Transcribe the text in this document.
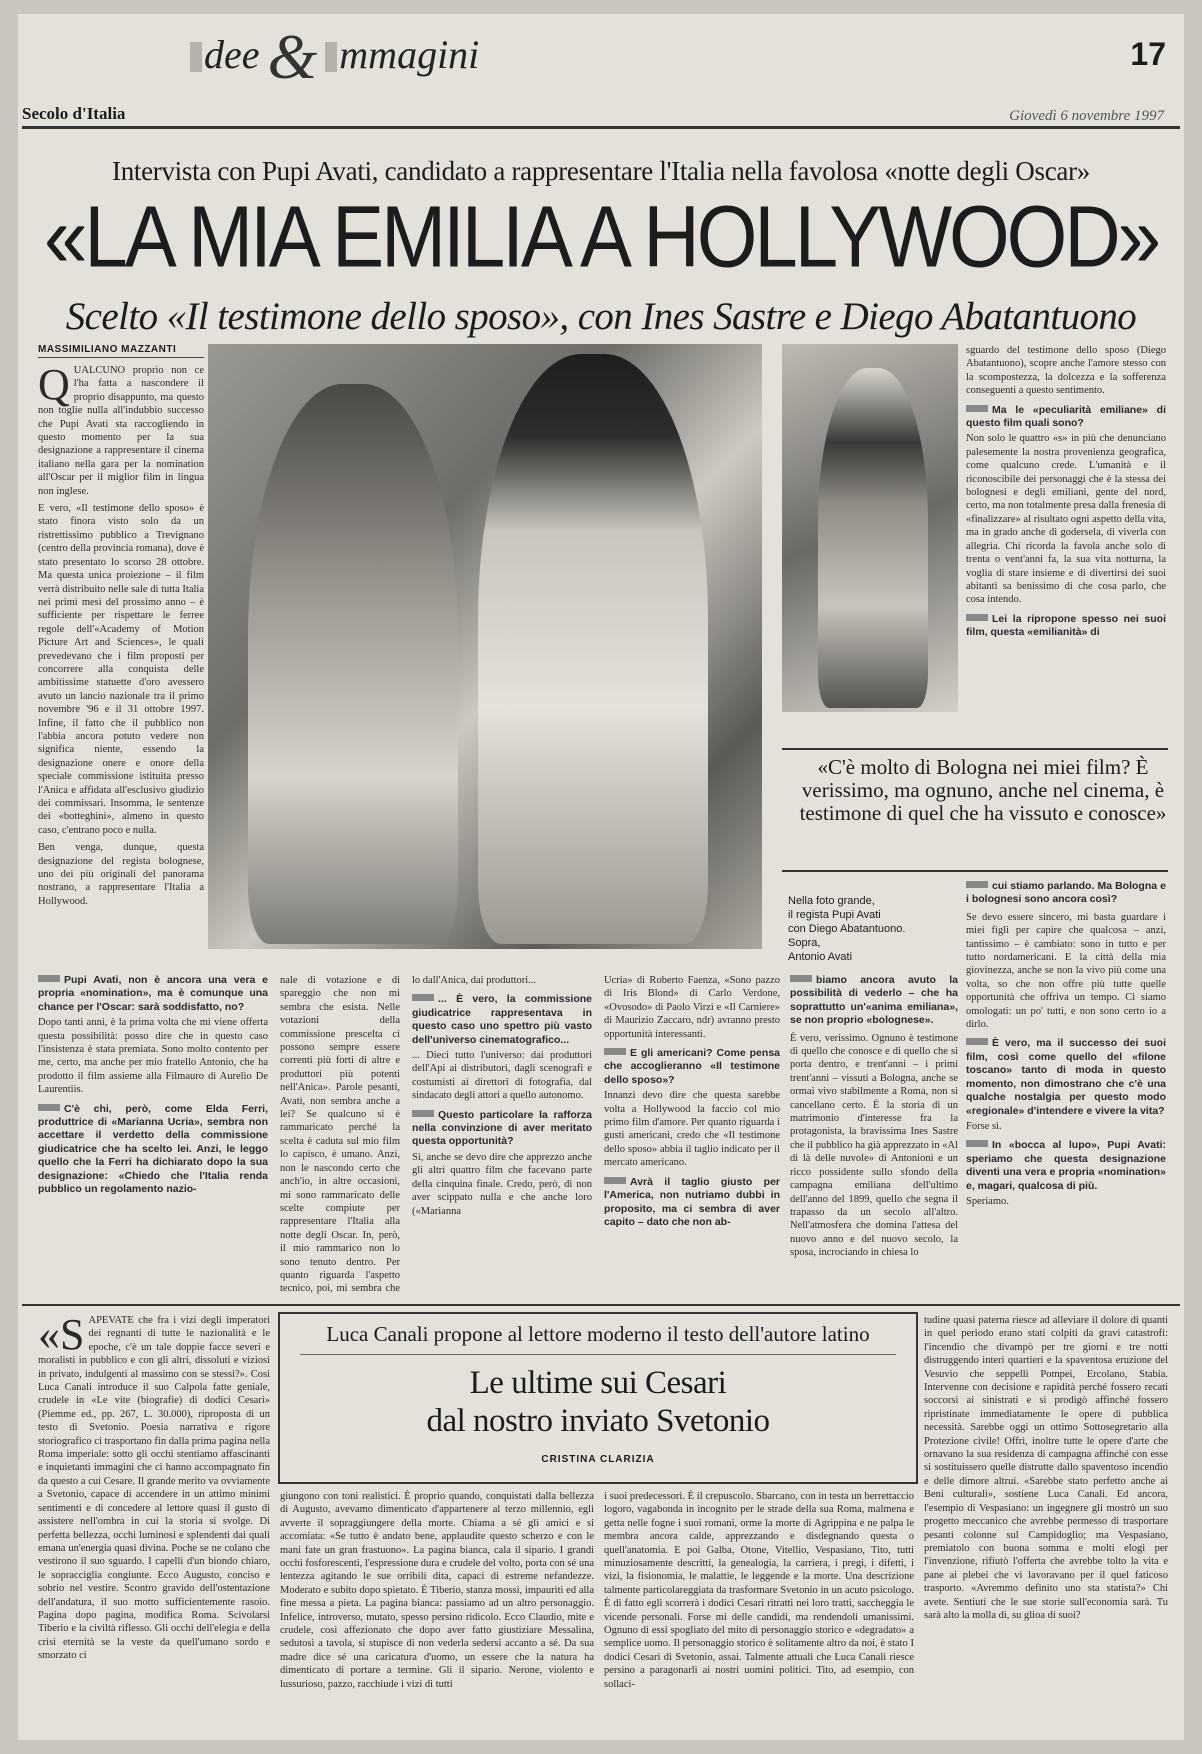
dee & mmagini	17
Secolo d'Italia	Giovedì 6 novembre 1997
Intervista con Pupi Avati, candidato a rappresentare l'Italia nella favolosa «notte degli Oscar»
«LA MIA EMILIA A HOLLYWOOD»
Scelto «Il testimone dello sposo», con Ines Sastre e Diego Abatantuono
MASSIMILIANO MAZZANTI
Q UALCUNO proprio non ce l'ha fatta a nascondere il proprio disappunto, ma questo non toglie nulla all'indubbio successo che Pupi Avati sta raccogliendo in questo momento per la sua designazione a rappresentare il cinema italiano nella gara per la nomination all'Oscar per il miglior film in lingua non inglese.

E vero, «Il testimone dello sposo» è stato finora visto solo da un ristrettissimo pubblico a Trevignano (centro della provincia romana), dove è stato presentato lo scorso 28 ottobre. Ma questa unica proiezione – il film verrà distribuito nelle sale di tutta Italia nei primi mesi del prossimo anno – è sufficiente per rispettare le ferree regole dell'«Academy of Motion Picture Art and Sciences», le quali prevedevano che i film proposti per concorrere alla conquista delle ambitissime statuette d'oro avessero avuto un lancio nazionale tra il primo novembre '96 e il 31 ottobre 1997. Infine, il fatto che il pubblico non l'abbia ancora potuto vedere non significa niente, essendo la designazione onere e onore della speciale commissione istituita presso l'Anica e affidata all'esclusivo giudizio dei commissari. Insomma, le sentenze dei «botteghini», almeno in questo caso, c'entrano poco e nulla.

Ben venga, dunque, questa designazione del regista bolognese, uno dei più originali del panorama nostrano, a rappresentare l'Italia a Hollywood.

sguardo del testimone dello sposo (Diego Abatantuono), scopre anche l'amore stesso con la scompostezza, la dolcezza e la sofferenza conseguenti a questo sentimento.

Ma le «peculiarità emiliane» di questo film quali sono?

Non solo le quattro «s» in più che denunciano palesemente la nostra provenienza geografica, come qualcuno crede. L'umanità e il riconoscibile dei personaggi che è la stessa dei bolognesi e degli emiliani, gente del nord, certo, ma non totalmente presa dalla frenesia di «finalizzare» al risultato ogni aspetto della vita, ma in grado anche di godersela, di viverla con allegria. Chi ricorda la favola anche solo di trenta o vent'anni fa, la sua vita notturna, la voglia di stare insieme e di divertirsi dei suoi abitanti sa benissimo di che cosa parlo, che cosa intendo.

Lei la ripropone spesso nei suoi film, questa «emilianità» di
«C'è molto di Bologna nei miei film? È verissimo, ma ognuno, anche nel cinema, è testimone di quel che ha vissuto e conosce»
Nella foto grande,
il regista Pupi Avati
con Diego Abatantuono.
Sopra,
Antonio Avati

cui stiamo parlando. Ma Bologna e i bolognesi sono ancora così?

Se devo essere sincero, mi basta guardare i miei figli per capire che qualcosa – anzi, tantissimo – è cambiato: sono in tutto e per tutto nordamericani. E la città della mia giovinezza, anche se non la vivo più come una volta, so che non offre più tutte quelle opportunità che offriva un tempo. Ci siamo omologati: un po' tutti, e non sono certo io a dirlo.

È vero, ma il successo dei suoi film, così come quello del «filone toscano» tanto di moda in questo momento, non dimostrano che c'è una qualche nostalgia per questo modo «regionale» d'intendere e vivere la vita?

Forse sì.

In «bocca al lupo», Pupi Avati: speriamo che questa designazione diventi una vera e propria «nomination» e, magari, qualcosa di più.

Speriamo.

Pupi Avati, non è ancora una vera e propria «nomination», ma è comunque una chance per l'Oscar: sarà soddisfatto, no?

Dopo tanti anni, è la prima volta che mi viene offerta questa possibilità: posso dire che in questo caso l'insistenza è stata premiata. Sono molto contento per me, certo, ma anche per mio fratello Antonio, che ha prodotto il film assieme alla Filmauro di Aurelio De Laurentiis.

C'è chi, però, come Elda Ferri, produttrice di «Marianna Ucria», sembra non accettare il verdetto della commissione giudicatrice che ha scelto lei. Anzi, le leggo quello che la Ferri ha dichiarato dopo la sua designazione: «Chiedo che l'Italia renda pubblico un regolamento nazio-

nale di votazione e di spareggio che non mi sembra che esista. Nelle votazioni della commissione prescelta ci possono sempre essere correnti più forti di altre e produttori più potenti nell'Anica». Parole pesanti, Avati, non sembra anche a lei? Se qualcuno si è rammaricato perché la scelta è caduta sul mio film lo capisco, è umano. Anzi, non le nascondo certo che anch'io, in altre occasioni, mi sono rammaricato delle scelte compiute per rappresentare l'Italia alla notte degli Oscar. In, però, il mio rammarico non lo sono tenuto dentro. Per quanto riguarda l'aspetto tecnico, poi, mi sembra che

lo dall'Anica, dai produttori...

... È vero, la commissione giudicatrice rappresentava in questo caso uno spettro più vasto dell'universo cinematografico...

... Dieci tutto l'universo: dai produttori dell'Api ai distributori, dagli scenografi e costumisti ai direttori di fotografia, dal sindacato degli attori a quello autonomo.

Questo particolare la rafforza nella convinzione di aver meritato questa opportunità?

Sì, anche se devo dire che apprezzo anche gli altri quattro film che facevano parte della cinquina finale. Credo, però, di non aver scippato nulla e che anche loro («Marianna

Ucria» di Roberto Faenza, «Sono pazzo di Iris Blond» di Carlo Verdone, «Ovosodo» di Paolo Virzì e «Il Carniere» di Maurizio Zaccaro, ndr) avranno presto opportunità interessanti.

E gli americani? Come pensa che accoglieranno «Il testimone dello sposo»?

Innanzi devo dire che questa sarebbe volta a Hollywood la faccio col mio primo film d'amore. Per quanto riguarda i gusti americani, credo che «Il testimone dello sposo» abbia il taglio indicato per il mercato americano.

Avrà il taglio giusto per l'America, non nutriamo dubbi in proposito, ma ci sembra di aver capito – dato che non ab-

biamo ancora avuto la possibilità di vederlo – che ha soprattutto un'«anima emiliana», se non proprio «bolognese».

È vero, verissimo. Ognuno è testimone di quello che conosce e di quello che si porta dentro, e trent'anni – i primi trent'anni – vissuti a Bologna, anche se ormai vivo stabilmente a Roma, non si cancellano certo. È la storia di un matrimonio d'interesse fra la protagonista, la bravissima Ines Sastre che il pubblico ha già apprezzato in «Al di là delle nuvole» di Antonioni e un ricco possidente sullo sfondo della campagna emiliana dell'ultimo dell'anno del 1899, quello che segna il trapasso da un secolo all'altro. Nell'atmosfera che domina l'attesa del nuovo anno e del nuovo secolo, la sposa, incrociando in chiesa lo

Luca Canali propone al lettore moderno il testo dell'autore latino
Le ultime sui Cesari
dal nostro inviato Svetonio
CRISTINA CLARIZIA
«S APEVATE che fra i vizi degli imperatori dei regnanti di tutte le nazionalità e le epoche, c'è un tale doppie facce severi e moralisti in pubblico e con gli altri, dissoluti e viziosi in privato, indulgenti al massimo con se stessi?». Così Luca Canali introduce il suo Calpola fatte geniale, crudele in «Le vite (biografie) di dodici Cesari» (Piemme ed., pp. 267, L. 30.000), riproposta di un testo di Svetonio. Poesia narrativa e rigore storiografico ci trasportano fin dalla prima pagina nella Roma imperiale: sotto gli occhi stentiamo affascinanti e inquietanti immagini che ci hanno accompagnato fin da questo a cui Cesare. Il grande merito va ovviamente a Svetonio, capace di accendere in un attimo minimi sentimenti e di concedere al lettore quasi il gusto di assistere nell'ombra in cui la storia si svolge. Di perfetta bellezza, occhi luminosi e splendenti dai quali emana un'energia quasi divina. Poche se ne colano che vestirono il suo sguardo. I capelli d'un biondo chiaro, le sopracciglia congiunte. Ecco Augusto, conciso e sobrio nel vestire. Scontro gravido dell'ostentazione dell'andatura, il suo motto sufficientemente rasoio. Pagina dopo pagina, modifica Roma. Scivolarsi Tiberio e la civiltà riflesso. Gli occhi dell'elegia e della crisi eternità se la veste da quell'umano sordo e smorzato ci

giungono con toni realistici. È proprio quando, conquistati dalla bellezza di Augusto, avevamo dimenticato d'appartenere al terzo millennio, egli avverte il sopraggiungere della morte. Chiama a sé gli amici e si accomiata: «Se tutto è andato bene, applaudite questo scherzo e con le mani fate un gran frastuono». La pagina bianca, cala il sipario. I grandi occhi fosforescenti, l'espressione dura e crudele del volto, porta con sé una lentezza agitando le sue orribili dita, capaci di estreme nefandezze. Moderato e subito dopo spietato. È Tiberio, stanza mossi, impauriti ed alla fine messa a pieta. La pagina bianca: passiamo ad un altro personaggio. Infelice, introverso, mutato, spesso persino ridicolo. Ecco Claudio, mite e crudele, così affezionato che dopo aver fatto giustiziare Messalina, sedutosi a tavola, si stupisce di non vederla sedersi accanto a sé. Da sua madre dice sé una caricatura d'uomo, un essere che la natura ha dimenticato di portare a termine. Gli il sipario. Nerone, violento e lussurioso, pazzo, racchiude i vizi di tutti

i suoi predecessori. È il crepuscolo. Sbarcano, con in testa un berrettaccio logoro, vagabonda in incognito per le strade della sua Roma, malmena e getta nelle fogne i suoi romani, orme la morte di Agrippina e ne palpa le membra ancora calde, apprezzando e disdegnando questa o quell'anatomia. E poi Galba, Otone, Vitellio, Vespasiano, Tito, tutti minuziosamente descritti, la genealogia, la carriera, i pregi, i difetti, i vizi, la fisionomia, le malattie, le leggende e la morte. Una descrizione talmente particolareggiata da trasformare Svetonio in un acuto psicologo. È di fatto egli scorrerà i dodici Cesari ritratti nei loro tratti, saccheggia le vicende personali. Forse mi delle candidi, ma rendendoli umanissimi. Ognuno di essi spogliato del mito di personaggio storico e «degradato» a semplice uomo. Il personaggio storico è solitamente altro da noi, è stato I dodici Cesari di Svetonio, assai. Talmente attuali che Luca Canali riesce persino a paragonarli ai nostri uomini politici. Tito, ad esempio, con sollaci-

tudine quasi paterna riesce ad alleviare il dolore di quanti in quel periodo erano stati colpiti da gravi catastrofi: l'incendio che divampò per tre giorni e tre notti distruggendo interi quartieri e la spaventosa eruzione del Vesuvio che seppellì Pompei, Ercolano, Stabia. Intervenne con decisione e rapidità perché fossero recati soccorsi ai sinistrati e si prodigò affinché fossero ripristinate immediatamente le opere di pubblica necessità. Sarebbe oggi un ottimo Sottosegretario alla Protezione civile! Offrì, inoltre tutte le opere d'arte che ornavano la sua residenza di campagna affinché con esse si sostituissero quelle distrutte dallo spaventoso incendio e delle dimore altrui. «Sarebbe stato perfetto anche ai Beni culturali», sostiene Luca Canali. Ed ancora, l'esempio di Vespasiano: un ingegnere gli mostrò un suo progetto meccanico che avrebbe permesso di trasportare pesanti colonne sul Campidoglio; ma Vespasiano, premiatolo con buona somma e molti elogi per l'invenzione, rifiutò l'offerta che avrebbe tolto la vita e pane ai plebei che vi lavoravano per il quel faticoso trasporto. «Avremmo definito uno sta statista?» Chi avete. Sentiuti che le sue storie sull'economia sarà. Tu sarà alto la molla di, su glioa di suoi?
